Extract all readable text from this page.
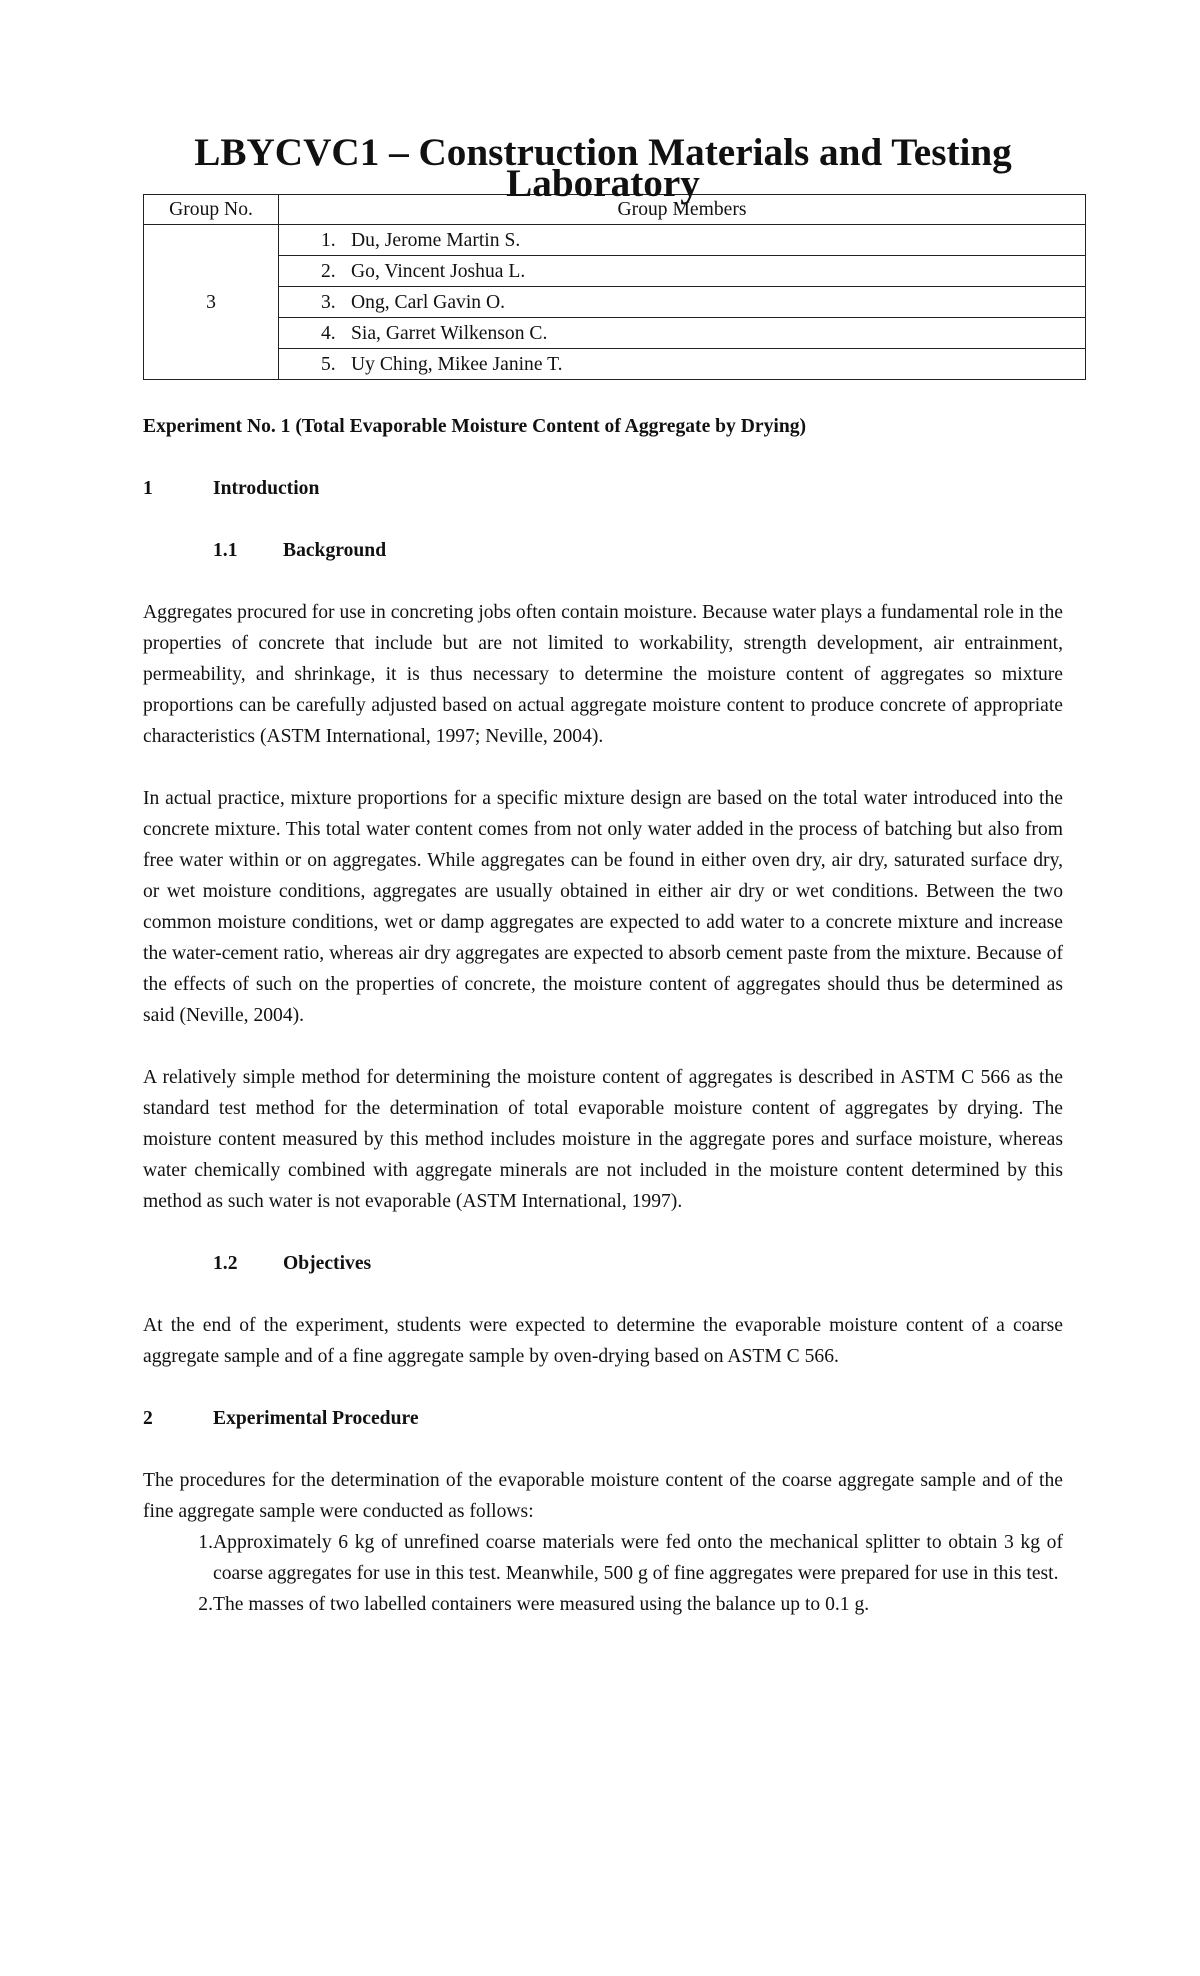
LBYCVC1 – Construction Materials and Testing Laboratory
Group No.	Group Members
3	1. Du, Jerome Martin S.
	2. Go, Vincent Joshua L.
	3. Ong, Carl Gavin O.
	4. Sia, Garret Wilkenson C.
	5. Uy Ching, Mikee Janine T.
Experiment No. 1 (Total Evaporable Moisture Content of Aggregate by Drying)
1	Introduction
1.1	Background

Aggregates procured for use in concreting jobs often contain moisture. Because water plays a fundamental role in the properties of concrete that include but are not limited to workability, strength development, air entrainment, permeability, and shrinkage, it is thus necessary to determine the moisture content of aggregates so mixture proportions can be carefully adjusted based on actual aggregate moisture content to produce concrete of appropriate characteristics (ASTM International, 1997; Neville, 2004).

In actual practice, mixture proportions for a specific mixture design are based on the total water introduced into the concrete mixture. This total water content comes from not only water added in the process of batching but also from free water within or on aggregates. While aggregates can be found in either oven dry, air dry, saturated surface dry, or wet moisture conditions, aggregates are usually obtained in either air dry or wet conditions. Between the two common moisture conditions, wet or damp aggregates are expected to add water to a concrete mixture and increase the water-cement ratio, whereas air dry aggregates are expected to absorb cement paste from the mixture. Because of the effects of such on the properties of concrete, the moisture content of aggregates should thus be determined as said (Neville, 2004).

A relatively simple method for determining the moisture content of aggregates is described in ASTM C 566 as the standard test method for the determination of total evaporable moisture content of aggregates by drying. The moisture content measured by this method includes moisture in the aggregate pores and surface moisture, whereas water chemically combined with aggregate minerals are not included in the moisture content determined by this method as such water is not evaporable (ASTM International, 1997).

1.2	Objectives

At the end of the experiment, students were expected to determine the evaporable moisture content of a coarse aggregate sample and of a fine aggregate sample by oven-drying based on ASTM C 566.

2	Experimental Procedure

The procedures for the determination of the evaporable moisture content of the coarse aggregate sample and of the fine aggregate sample were conducted as follows:

1. Approximately 6 kg of unrefined coarse materials were fed onto the mechanical splitter to obtain 3 kg of coarse aggregates for use in this test. Meanwhile, 500 g of fine aggregates were prepared for use in this test.
2. The masses of two labelled containers were measured using the balance up to 0.1 g.
